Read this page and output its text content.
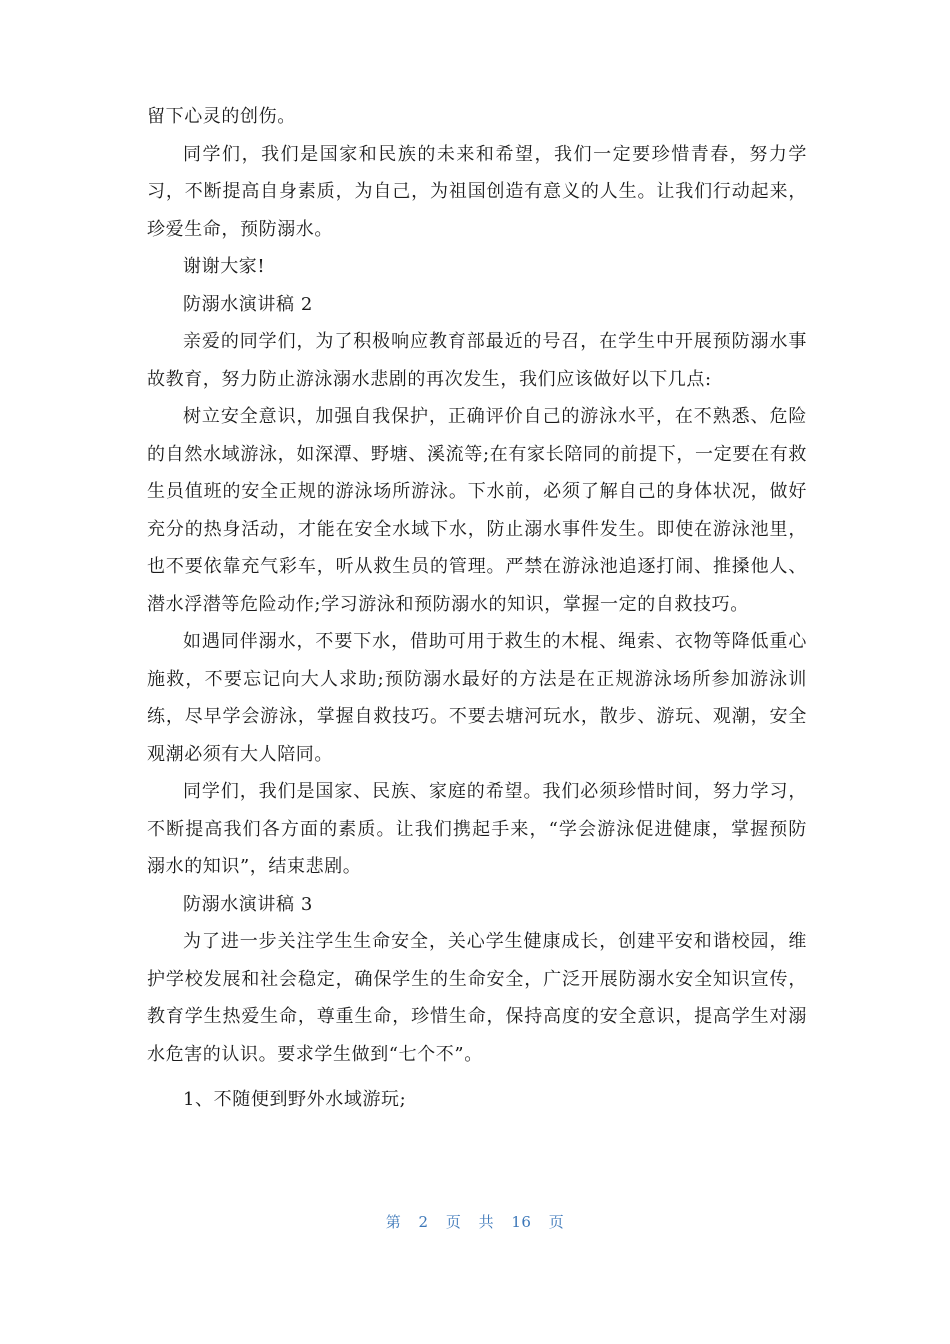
留下心灵的创伤。

同学们，我们是国家和民族的未来和希望，我们一定要珍惜青春，努力学习，不断提高自身素质，为自己，为祖国创造有意义的人生。让我们行动起来，珍爱生命，预防溺水。

谢谢大家!

防溺水演讲稿 2

亲爱的同学们，为了积极响应教育部最近的号召，在学生中开展预防溺水事故教育，努力防止游泳溺水悲剧的再次发生，我们应该做好以下几点:

树立安全意识，加强自我保护，正确评价自己的游泳水平，在不熟悉、危险的自然水域游泳，如深潭、野塘、溪流等;在有家长陪同的前提下，一定要在有救生员值班的安全正规的游泳场所游泳。下水前，必须了解自己的身体状况，做好充分的热身活动，才能在安全水域下水，防止溺水事件发生。即使在游泳池里，也不要依靠充气彩车，听从救生员的管理。严禁在游泳池追逐打闹、推搡他人、潜水浮潜等危险动作;学习游泳和预防溺水的知识，掌握一定的自救技巧。

如遇同伴溺水，不要下水，借助可用于救生的木棍、绳索、衣物等降低重心施救，不要忘记向大人求助;预防溺水最好的方法是在正规游泳场所参加游泳训练，尽早学会游泳，掌握自救技巧。不要去塘河玩水，散步、游玩、观潮，安全观潮必须有大人陪同。

同学们，我们是国家、民族、家庭的希望。我们必须珍惜时间，努力学习，不断提高我们各方面的素质。让我们携起手来，“学会游泳促进健康，掌握预防溺水的知识”，结束悲剧。

防溺水演讲稿 3

为了进一步关注学生生命安全，关心学生健康成长，创建平安和谐校园，维护学校发展和社会稳定，确保学生的生命安全，广泛开展防溺水安全知识宣传，教育学生热爱生命，尊重生命，珍惜生命，保持高度的安全意识，提高学生对溺水危害的认识。要求学生做到“七个不”。

1、不随便到野外水域游玩;

第 2 页 共 16 页
